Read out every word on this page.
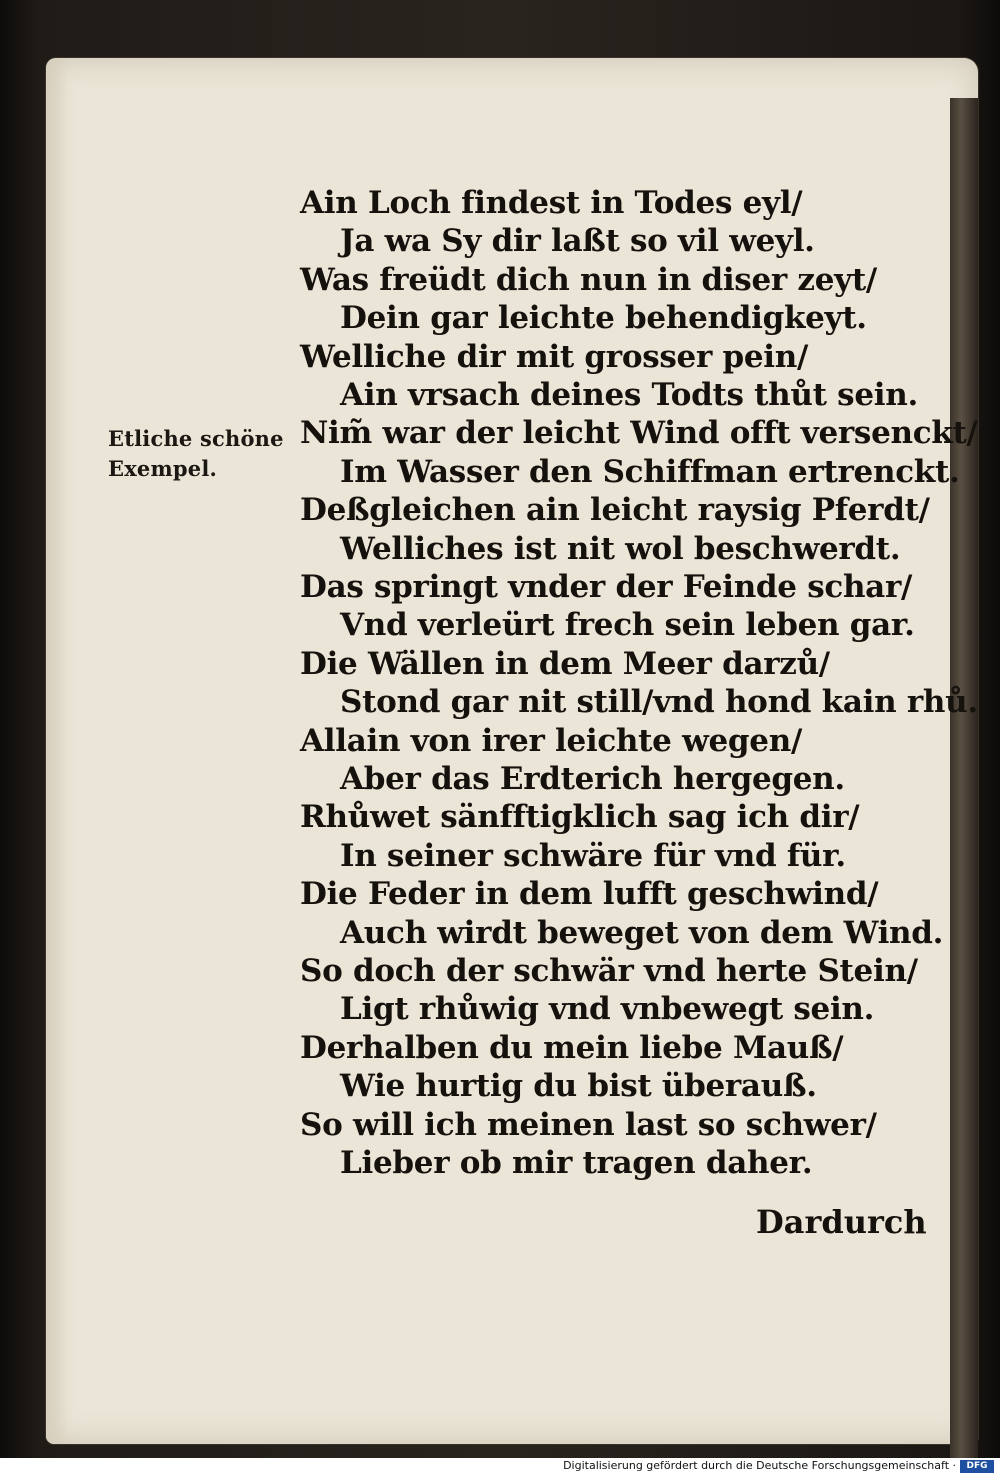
Etliche schöne
Exempel.
Ain Loch findest in Todes eyl/
Ja wa Sy dir laßt so vil weyl.
Was freüdt dich nun in diser zeyt/
Dein gar leichte behendigkeyt.
Welliche dir mit grosser pein/
Ain vrsach deines Todts thůt sein.
Nim̃ war der leicht Wind offt versenckt/
Im Wasser den Schiffman ertrenckt.
Deßgleichen ain leicht raysig Pferdt/
Welliches ist nit wol beschwerdt.
Das springt vnder der Feinde schar/
Vnd verleürt frech sein leben gar.
Die Wällen in dem Meer darzů/
Stond gar nit still/vnd hond kain rhů.
Allain von irer leichte wegen/
Aber das Erdterich hergegen.
Rhůwet sänfftigklich sag ich dir/
In seiner schwäre für vnd für.
Die Feder in dem lufft geschwind/
Auch wirdt beweget von dem Wind.
So doch der schwär vnd herte Stein/
Ligt rhůwig vnd vnbewegt sein.
Derhalben du mein liebe Mauß/
Wie hurtig du bist überauß.
So will ich meinen last so schwer/
Lieber ob mir tragen daher.
Dardurch
Digitalisierung gefördert durch die Deutsche Forschungsgemeinschaft ·	DFG
